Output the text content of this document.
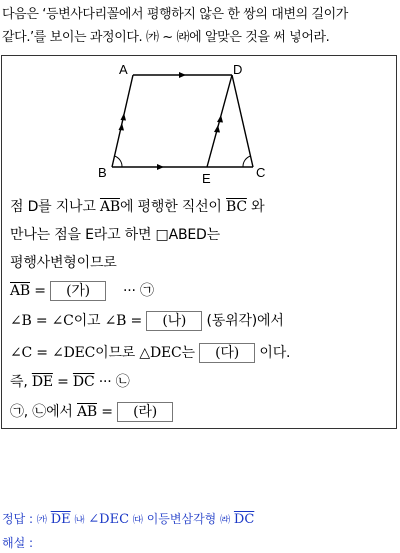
다음은 ‘등변사다리꼴에서 평행하지 않은 한 쌍의 대변의 길이가
같다.’를 보이는 과정이다. ㈎ ~ ㈑에 알맞은 것을 써 넣어라.
A	D
B	C
E
점 D를 지나고 $\overline{AB}$에 평행한 직선이 $\overline{BC}$ 와
만나는 점을 E라고 하면 □ABED는
평행사변형이므로
$\overline{AB}$ = (가) ··· ㉠
∠B = ∠C이고 ∠B = (나) (동위각)에서
∠C = ∠DEC이므로 △DEC는 (다) 이다.
즉, $\overline{DE} = \overline{DC}$ ··· ㉡
㉠, ㉡에서 $\overline{AB}$ = (라)
정답 : ㈎ $\overline{DE}$ ㈏ ∠DEC ㈐ 이등변삼각형 ㈑ $\overline{DC}$
해설 :
